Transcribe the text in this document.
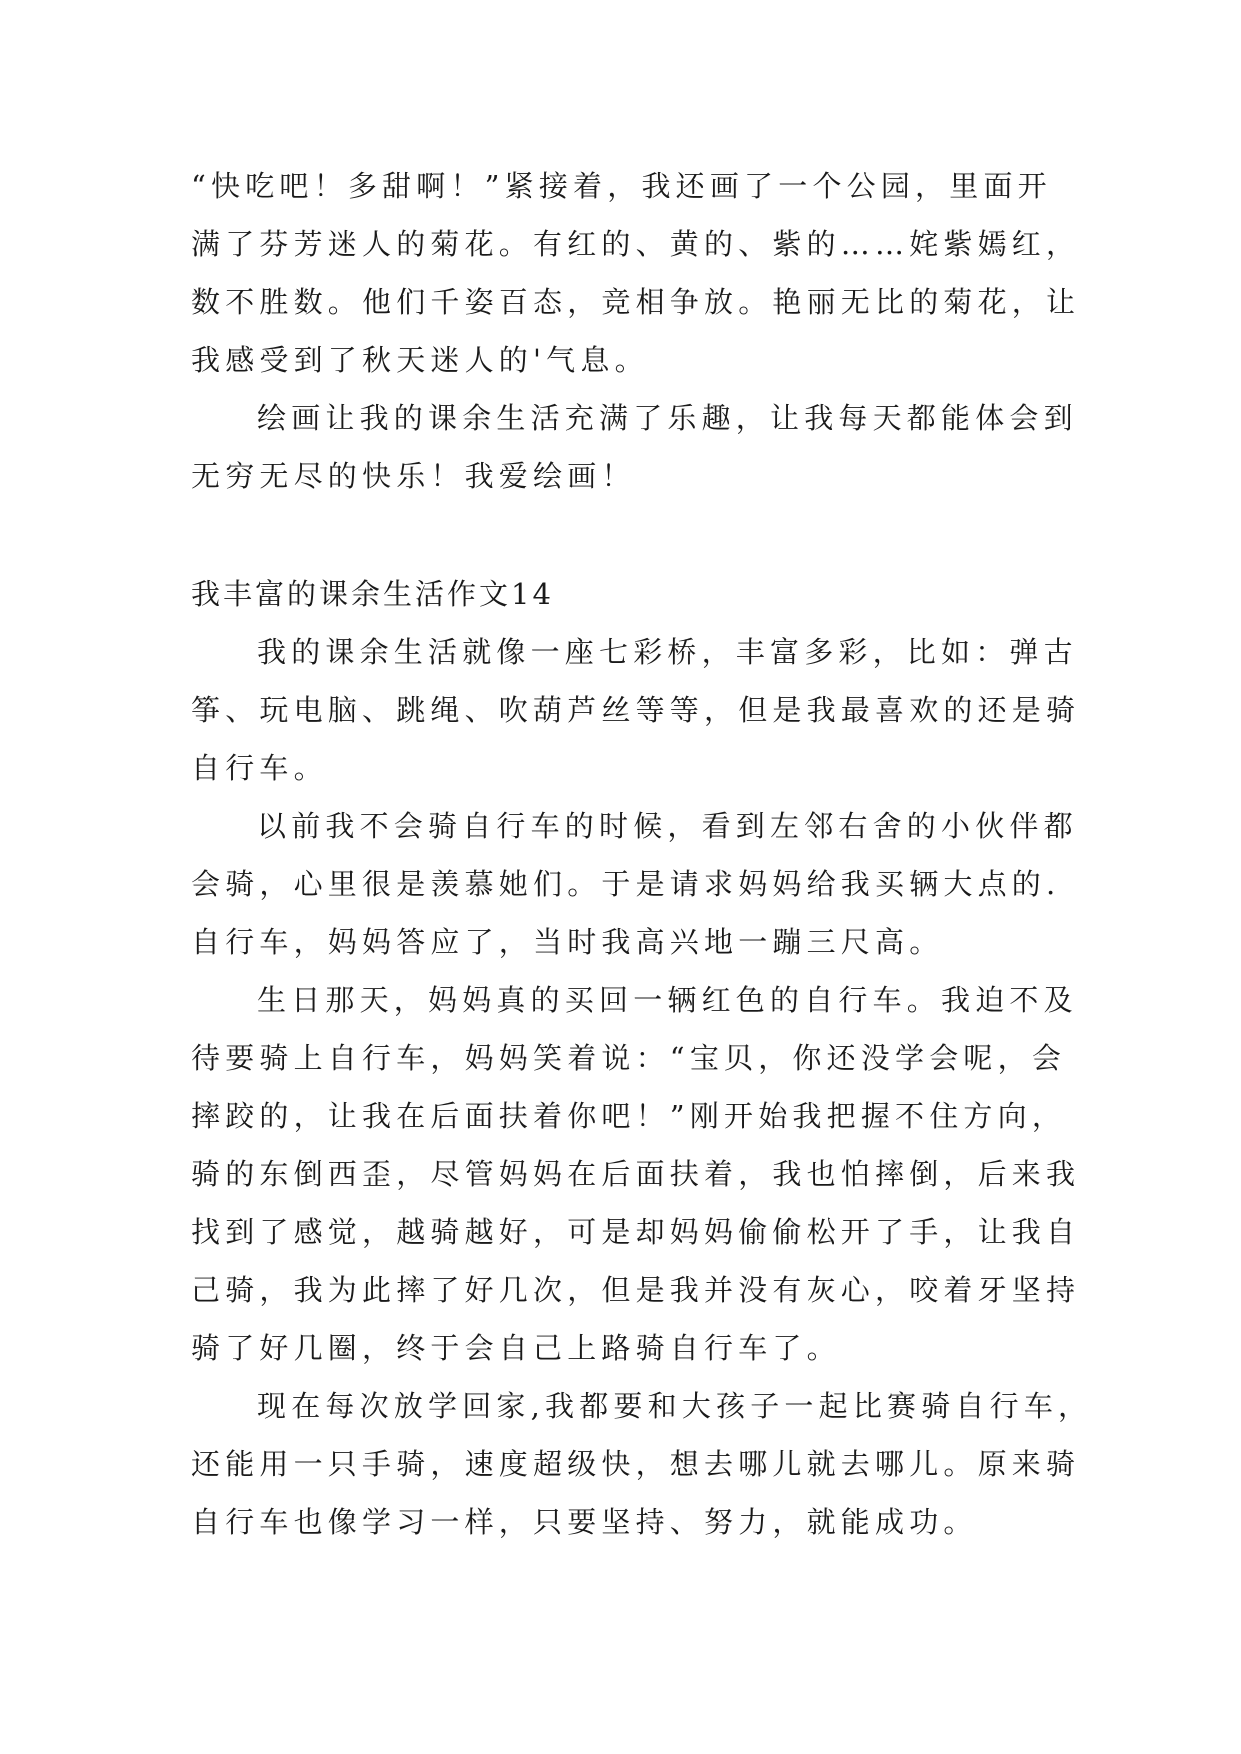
“快吃吧！多甜啊！”紧接着，我还画了一个公园，里面开
满了芬芳迷人的菊花。有红的、黄的、紫的……姹紫嫣红，
数不胜数。他们千姿百态，竞相争放。艳丽无比的菊花，让
我感受到了秋天迷人的'气息。
绘画让我的课余生活充满了乐趣，让我每天都能体会到
无穷无尽的快乐！我爱绘画！
我丰富的课余生活作文14
我的课余生活就像一座七彩桥，丰富多彩，比如：弹古
筝、玩电脑、跳绳、吹葫芦丝等等，但是我最喜欢的还是骑
自行车。
以前我不会骑自行车的时候，看到左邻右舍的小伙伴都
会骑，心里很是羡慕她们。于是请求妈妈给我买辆大点的.
自行车，妈妈答应了，当时我高兴地一蹦三尺高。
生日那天，妈妈真的买回一辆红色的自行车。我迫不及
待要骑上自行车，妈妈笑着说：“宝贝，你还没学会呢，会
摔跤的，让我在后面扶着你吧！”刚开始我把握不住方向，
骑的东倒西歪，尽管妈妈在后面扶着，我也怕摔倒，后来我
找到了感觉，越骑越好，可是却妈妈偷偷松开了手，让我自
己骑，我为此摔了好几次，但是我并没有灰心，咬着牙坚持
骑了好几圈，终于会自己上路骑自行车了。
现在每次放学回家,我都要和大孩子一起比赛骑自行车，
还能用一只手骑，速度超级快，想去哪儿就去哪儿。原来骑
自行车也像学习一样，只要坚持、努力，就能成功。
